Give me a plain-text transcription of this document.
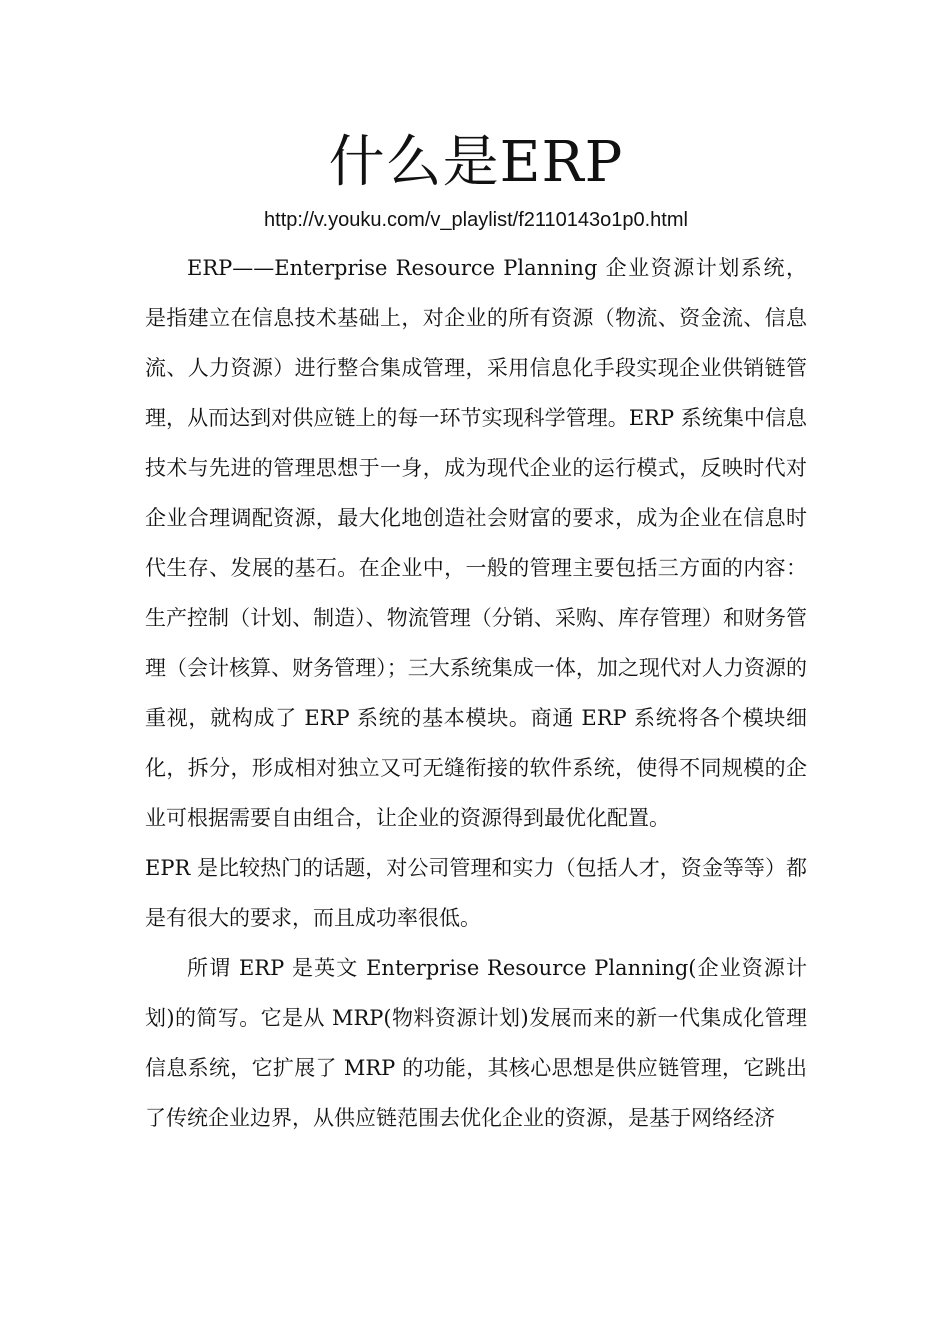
什么是ERP
http://v.youku.com/v_playlist/f2110143o1p0.html

ERP——Enterprise Resource Planning 企业资源计划系统，是指建立在信息技术基础上，对企业的所有资源（物流、资金流、信息流、人力资源）进行整合集成管理，采用信息化手段实现企业供销链管理，从而达到对供应链上的每一环节实现科学管理。ERP 系统集中信息技术与先进的管理思想于一身，成为现代企业的运行模式，反映时代对企业合理调配资源，最大化地创造社会财富的要求，成为企业在信息时代生存、发展的基石。在企业中，一般的管理主要包括三方面的内容：生产控制（计划、制造）、物流管理（分销、采购、库存管理）和财务管理（会计核算、财务管理）；三大系统集成一体，加之现代对人力资源的重视，就构成了 ERP 系统的基本模块。商通 ERP 系统将各个模块细化，拆分，形成相对独立又可无缝衔接的软件系统，使得不同规模的企业可根据需要自由组合，让企业的资源得到最优化配置。

EPR 是比较热门的话题，对公司管理和实力（包括人才，资金等等）都是有很大的要求，而且成功率很低。

所谓 ERP 是英文 Enterprise Resource Planning(企业资源计划)的简写。它是从 MRP(物料资源计划)发展而来的新一代集成化管理信息系统，它扩展了 MRP 的功能，其核心思想是供应链管理，它跳出了传统企业边界，从供应链范围去优化企业的资源，是基于网络经济
